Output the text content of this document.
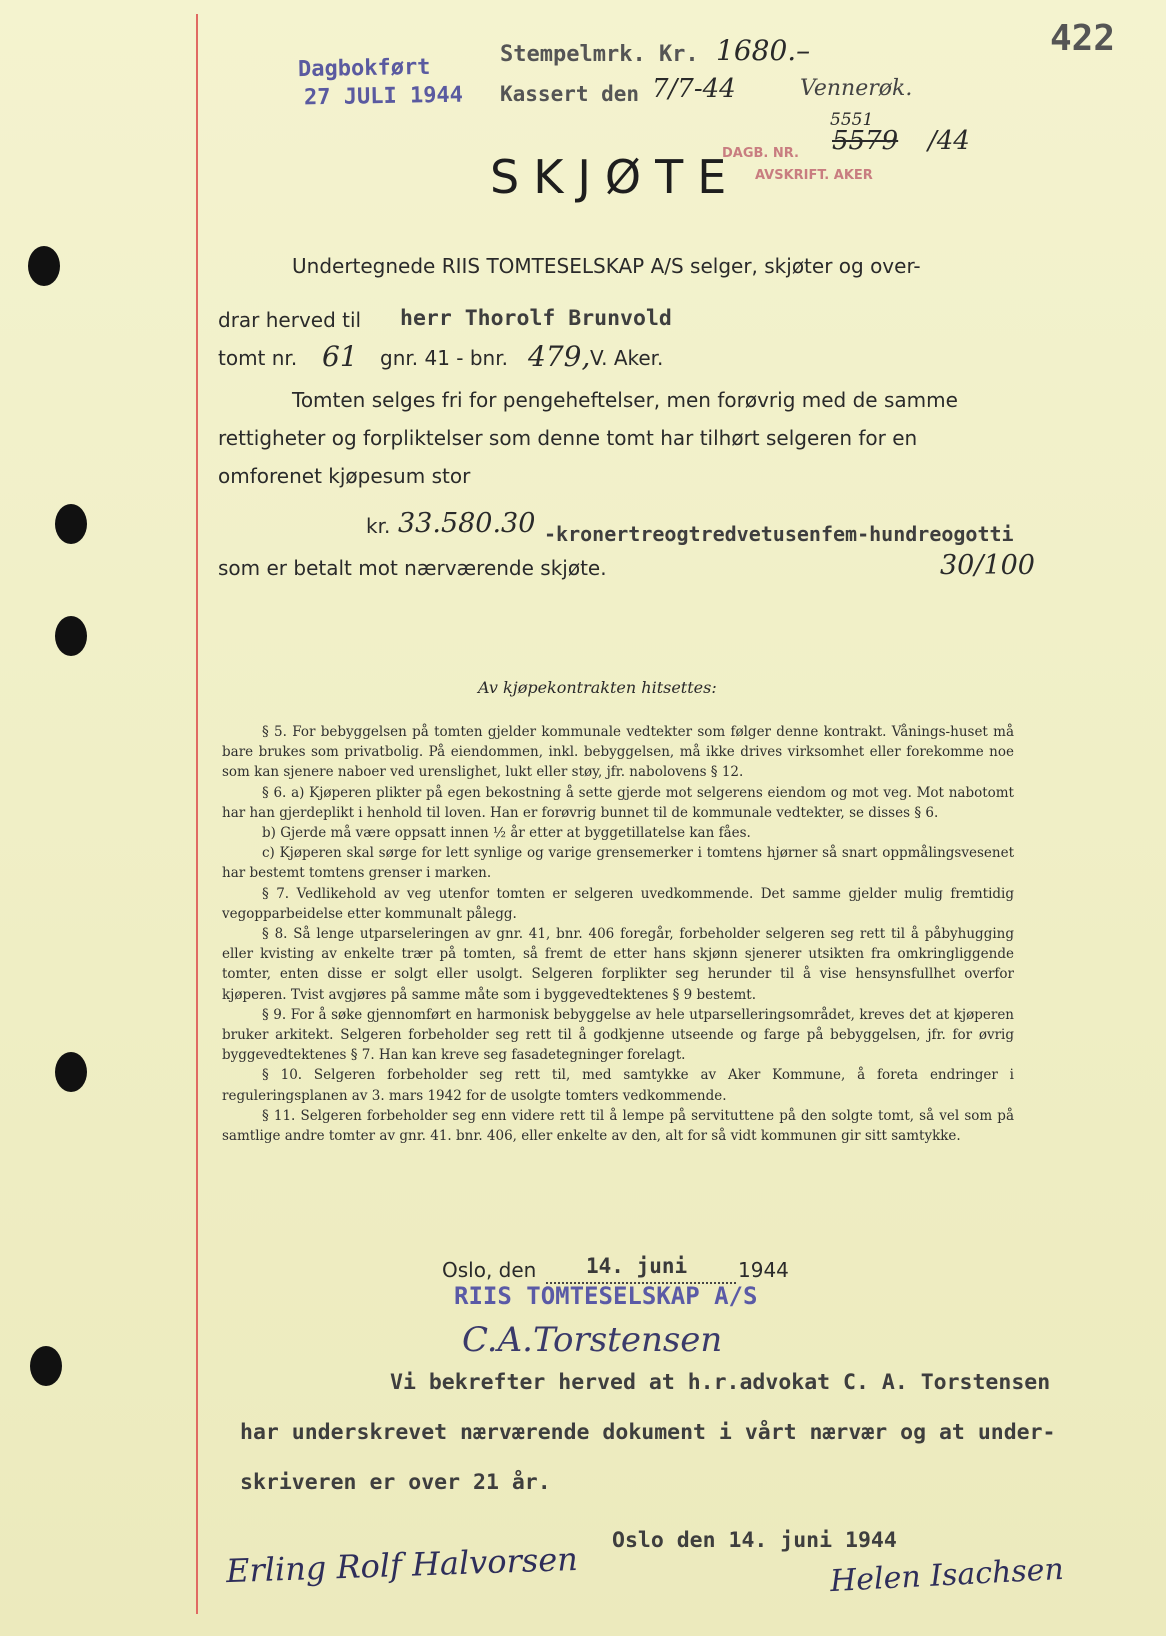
422
Dagbokført
27 JULI 1944
Stempelmrk. Kr. 1680.–
Kassert den 7/7-44	Vennerøk.
DAGB. NR.
5551
5579 /44
AVSKRIFT. AKER
SKJØTE
Undertegnede RIIS TOMTESELSKAP A/S selger, skjøter og over-
drar herved til herr Thorolf Brunvold
tomt nr. 61 gnr. 41 - bnr. 479, V. Aker.
Tomten selges fri for pengeheftelser, men forøvrig med de samme
rettigheter og forpliktelser som denne tomt har tilhørt selgeren for en
omforenet kjøpesum stor
kr. 33.580.30 -kronertreogtredvetusenfem-hundreogotti
som er betalt mot nærværende skjøte.	30/100
Av kjøpekontrakten hitsettes:

§ 5. For bebyggelsen på tomten gjelder kommunale vedtekter som følger denne kontrakt. Vånings-huset må bare brukes som privatbolig. På eiendommen, inkl. bebyggelsen, må ikke drives virksomhet eller forekomme noe som kan sjenere naboer ved urenslighet, lukt eller støy, jfr. nabolovens § 12.

§ 6. a) Kjøperen plikter på egen bekostning å sette gjerde mot selgerens eiendom og mot veg. Mot nabotomt har han gjerdeplikt i henhold til loven. Han er forøvrig bunnet til de kommunale vedtekter, se disses § 6.

b) Gjerde må være oppsatt innen ½ år etter at byggetillatelse kan fåes.

c) Kjøperen skal sørge for lett synlige og varige grensemerker i tomtens hjørner så snart oppmålingsvesenet har bestemt tomtens grenser i marken.

§ 7. Vedlikehold av veg utenfor tomten er selgeren uvedkommende. Det samme gjelder mulig fremtidig vegopparbeidelse etter kommunalt pålegg.

§ 8. Så lenge utparseleringen av gnr. 41, bnr. 406 foregår, forbeholder selgeren seg rett til å påbyhugging eller kvisting av enkelte trær på tomten, så fremt de etter hans skjønn sjenerer utsikten fra omkringliggende tomter, enten disse er solgt eller usolgt. Selgeren forplikter seg herunder til å vise hensynsfullhet overfor kjøperen. Tvist avgjøres på samme måte som i byggevedtektenes § 9 bestemt.

§ 9. For å søke gjennomført en harmonisk bebyggelse av hele utparselleringsområdet, kreves det at kjøperen bruker arkitekt. Selgeren forbeholder seg rett til å godkjenne utseende og farge på bebyggelsen, jfr. for øvrig byggevedtektenes § 7. Han kan kreve seg fasadetegninger forelagt.

§ 10. Selgeren forbeholder seg rett til, med samtykke av Aker Kommune, å foreta endringer i reguleringsplanen av 3. mars 1942 for de usolgte tomters vedkommende.

§ 11. Selgeren forbeholder seg enn videre rett til å lempe på servituttene på den solgte tomt, så vel som på samtlige andre tomter av gnr. 41. bnr. 406, eller enkelte av den, alt for så vidt kommunen gir sitt samtykke.

Oslo, den 14. juni	1944
RIIS TOMTESELSKAP A/S
C.A.Torstensen
Vi bekrefter herved at h.r.advokat C. A. Torstensen
har underskrevet nærværende dokument i vårt nærvær og at under-
skriveren er over 21 år.
Oslo den 14. juni 1944
Erling Rolf Halvorsen	Helen Isachsen
